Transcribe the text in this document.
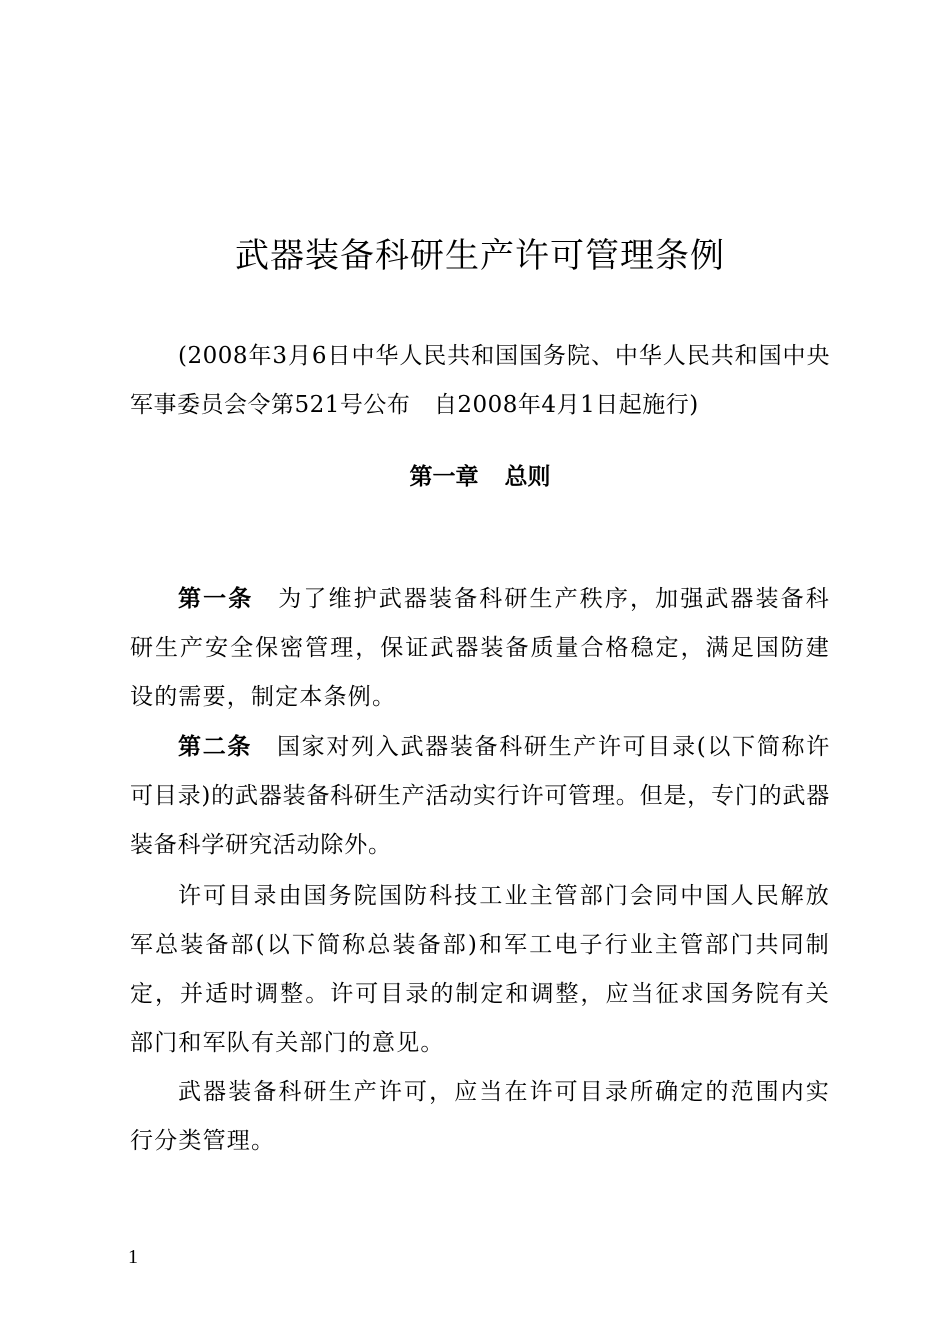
武器装备科研生产许可管理条例
(2008年3月6日中华人民共和国国务院、中华人民共和国中央军事委员会令第521号公布　自2008年4月1日起施行)
第一章 总则
第一条 为了维护武器装备科研生产秩序，加强武器装备科研生产安全保密管理，保证武器装备质量合格稳定，满足国防建设的需要，制定本条例。
第二条 国家对列入武器装备科研生产许可目录(以下简称许可目录)的武器装备科研生产活动实行许可管理。但是，专门的武器装备科学研究活动除外。
许可目录由国务院国防科技工业主管部门会同中国人民解放军总装备部(以下简称总装备部)和军工电子行业主管部门共同制定，并适时调整。许可目录的制定和调整，应当征求国务院有关部门和军队有关部门的意见。
武器装备科研生产许可，应当在许可目录所确定的范围内实行分类管理。
1
